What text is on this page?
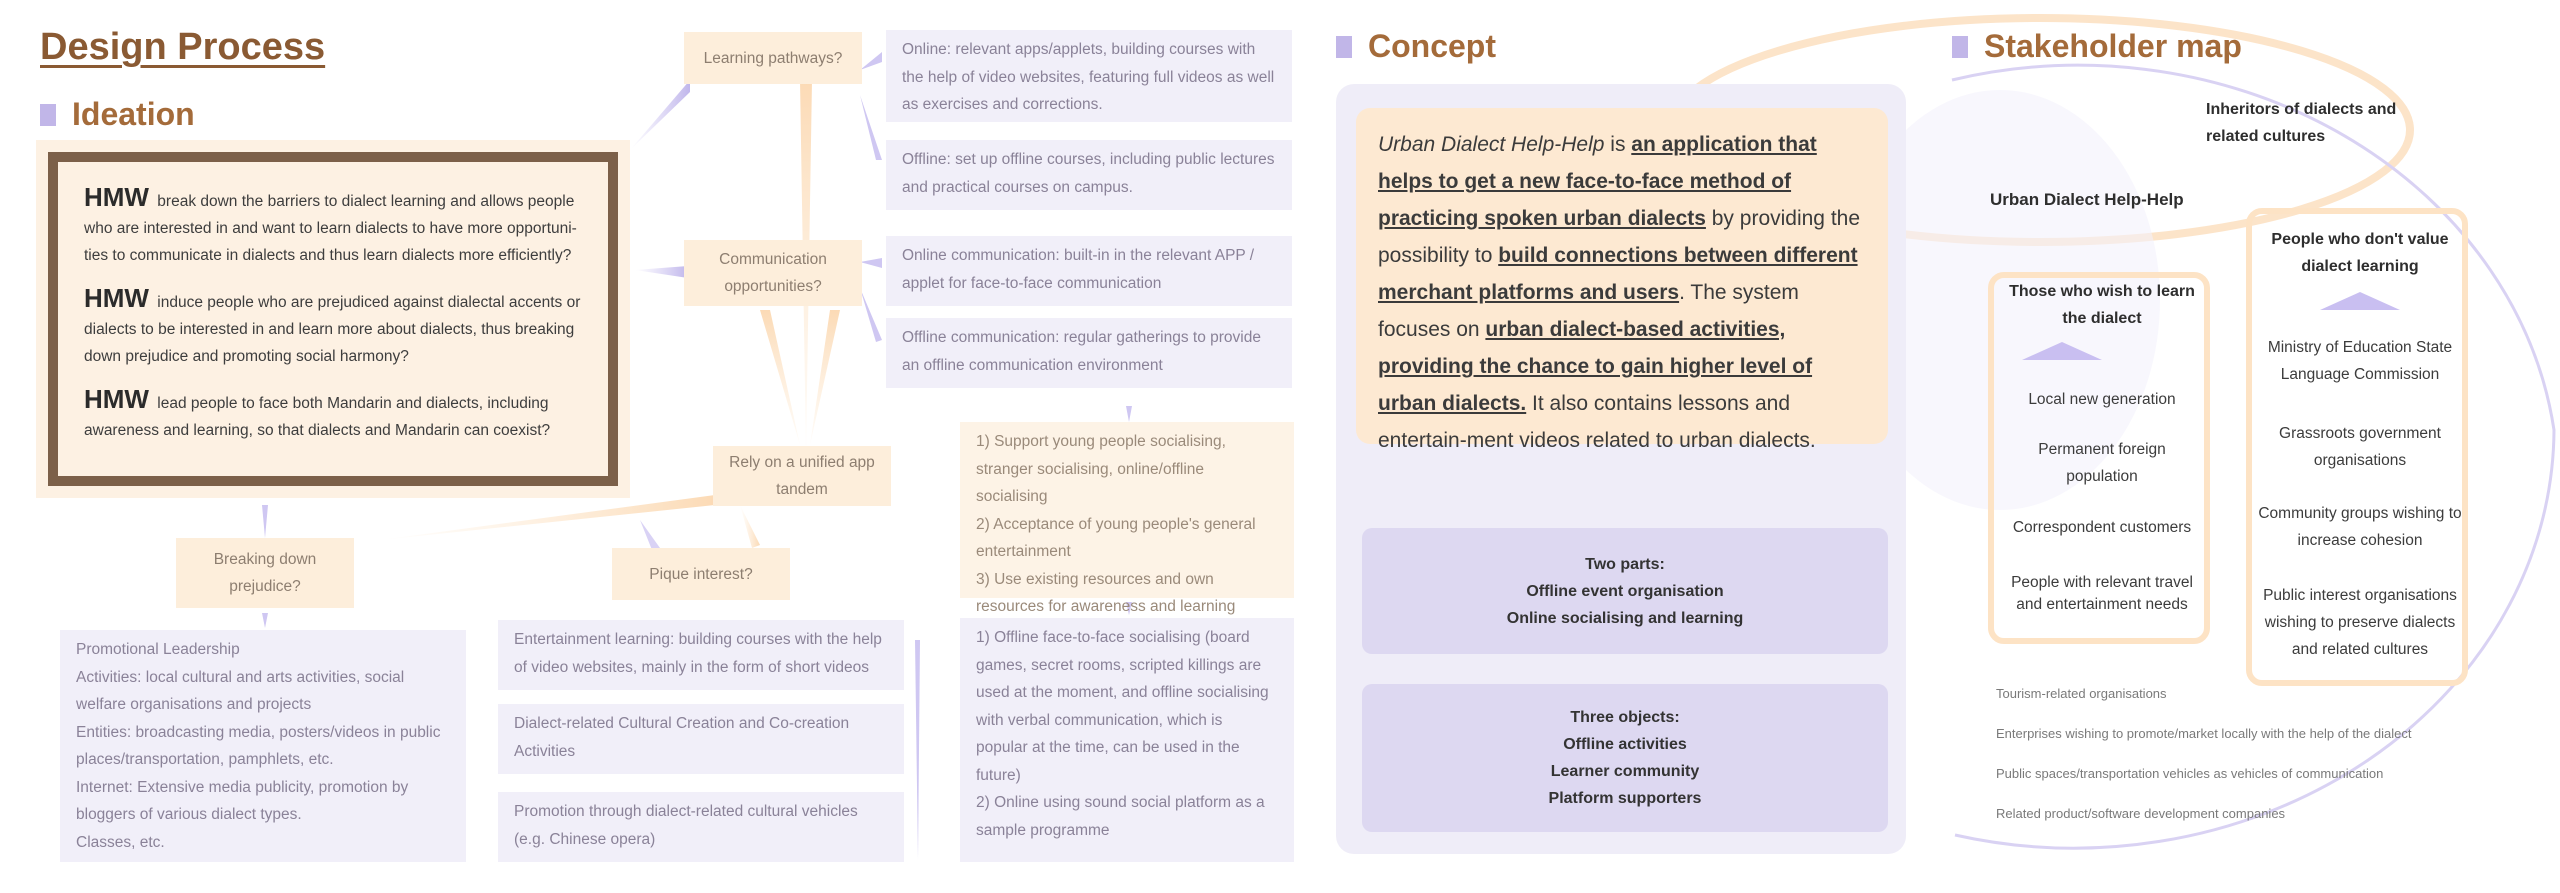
Design Process
Ideation

HMW break down the barriers to dialect learning and allows people who are interested in and want to learn dialects to have more opportuni-ties to communicate in dialects and thus learn dialects more efficiently?

HMW induce people who are prejudiced against dialectal accents or dialects to be interested in and learn more about dialects, thus breaking down prejudice and promoting social harmony?

HMW lead people to face both Mandarin and dialects, including awareness and learning, so that dialects and Mandarin can coexist?

Learning pathways?
Communication opportunities?
Rely on a unified app tandem
Breaking down prejudice?
Pique interest?
Online: relevant apps/applets, building courses with the help of video websites, featuring full videos as well as exercises and corrections.
Offline: set up offline courses, including public lectures and practical courses on campus.
Online communication: built-in in the relevant APP / applet for face-to-face communication
Offline communication: regular gatherings to provide an offline communication environment
1) Support young people socialising, stranger socialising, online/offline socialising
2) Acceptance of young people's general entertainment
3) Use existing resources and own resources for awareness and learning
Promotional Leadership
Activities: local cultural and arts activities, social welfare organisations and projects
Entities: broadcasting media, posters/videos in public places/transportation, pamphlets, etc.
Internet: Extensive media publicity, promotion by bloggers of various dialect types.
Classes, etc.
Entertainment learning: building courses with the help of video websites, mainly in the form of short videos
Dialect-related Cultural Creation and Co-creation Activities
Promotion through dialect-related cultural vehicles (e.g. Chinese opera)
1) Offline face-to-face socialising (board games, secret rooms, scripted killings are used at the moment, and offline socialising with verbal communication, which is popular at the time, can be used in the future)
2) Online using sound social platform as a sample programme
Concept
Urban Dialect Help-Help is an application that helps to get a new face-to-face method of practicing spoken urban dialects by providing the possibility to build connections between different merchant platforms and users. The system focuses on urban dialect-based activities, providing the chance to gain higher level of urban dialects. It also contains lessons and entertain-ment videos related to urban dialects.
Two parts:
Offline event organisation
Online socialising and learning
Three objects:
Offline activities
Learner community
Platform supporters
Stakeholder map
Inheritors of dialects and related cultures
Urban Dialect Help-Help
Those who wish to learn the dialect
Local new generation
Permanent foreign population
Correspondent customers
People with relevant travel and entertainment needs
People who don't value dialect learning
Ministry of Education State Language Commission
Grassroots government organisations
Community groups wishing to increase cohesion
Public interest organisations wishing to preserve dialects and related cultures
Tourism-related organisations
Enterprises wishing to promote/market locally with the help of the dialect
Public spaces/transportation vehicles as vehicles of communication
Related product/software development companies
